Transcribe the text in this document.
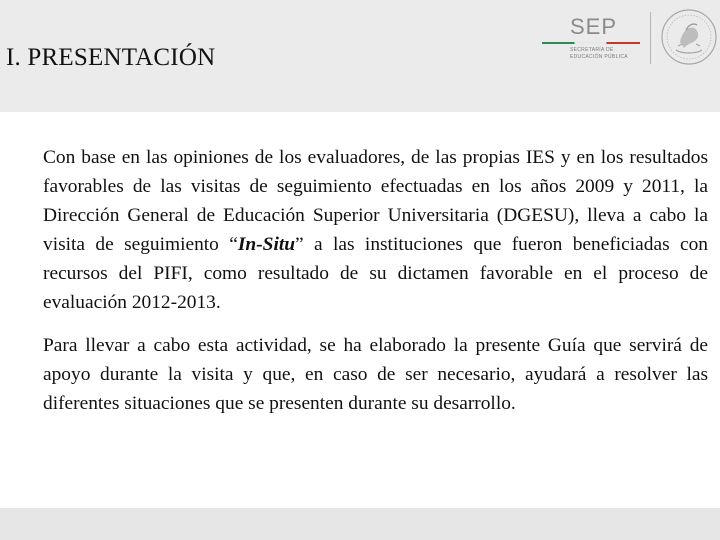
I. PRESENTACIÓN
SEP
SECRETARÍA DE
EDUCACIÓN PÚBLICA

Con base en las opiniones de los evaluadores, de las propias IES y en los resultados favorables de las visitas de seguimiento efectuadas en los años 2009 y 2011, la Dirección General de Educación Superior Universitaria (DGESU), lleva a cabo la visita de seguimiento “In-Situ” a las instituciones que fueron beneficiadas con recursos del PIFI, como resultado de su dictamen favorable en el proceso de evaluación 2012-2013.

Para llevar a cabo esta actividad, se ha elaborado la presente Guía que servirá de apoyo durante la visita y que, en caso de ser necesario, ayudará a resolver las diferentes situaciones que se presenten durante su desarrollo.
